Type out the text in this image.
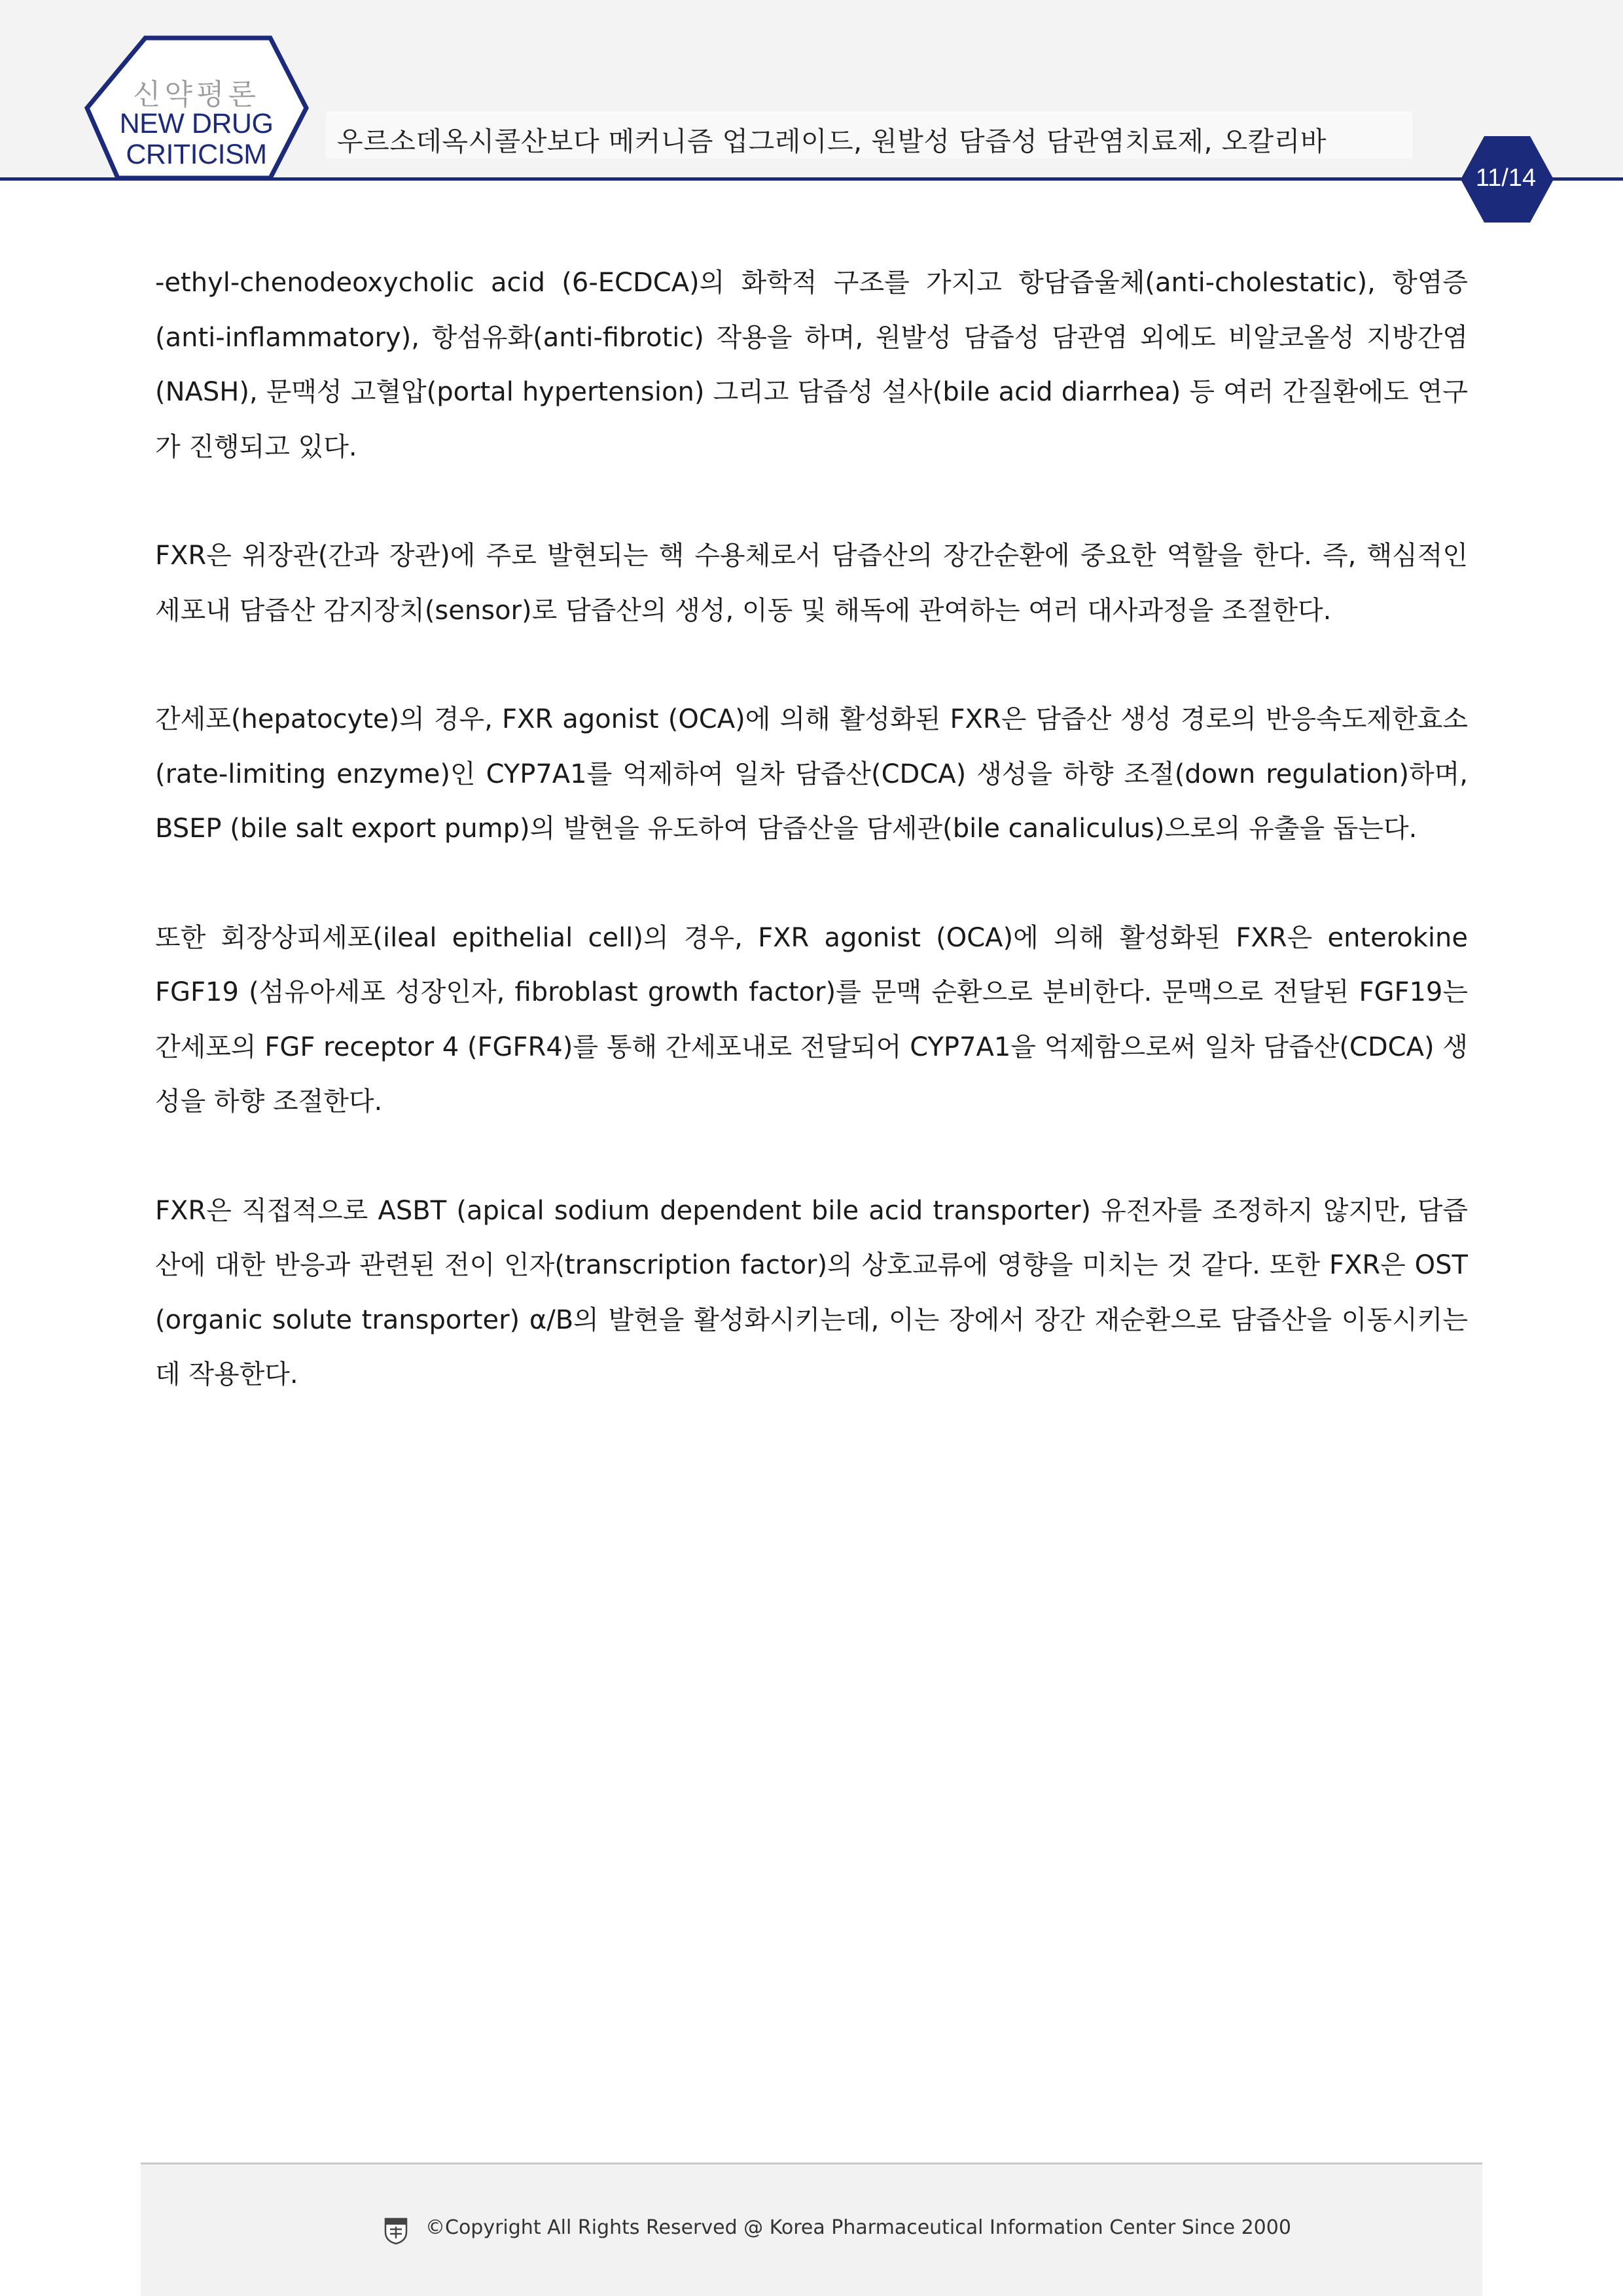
신약평론
NEW DRUG
CRITICISM	우르소데옥시콜산보다 메커니즘 업그레이드, 원발성 담즙성 담관염치료제, 오칼리바
11/14

-ethyl-chenodeoxycholic acid (6-ECDCA)의 화학적 구조를 가지고 항담즙울체(anti-cholestatic), 항염증(anti-inflammatory), 항섬유화(anti-fibrotic) 작용을 하며, 원발성 담즙성 담관염 외에도 비알코올성 지방간염(NASH), 문맥성 고혈압(portal hypertension) 그리고 담즙성 설사(bile acid diarrhea) 등 여러 간질환에도 연구가 진행되고 있다.

FXR은 위장관(간과 장관)에 주로 발현되는 핵 수용체로서 담즙산의 장간순환에 중요한 역할을 한다. 즉, 핵심적인 세포내 담즙산 감지장치(sensor)로 담즙산의 생성, 이동 및 해독에 관여하는 여러 대사과정을 조절한다.

간세포(hepatocyte)의 경우, FXR agonist (OCA)에 의해 활성화된 FXR은 담즙산 생성 경로의 반응속도제한효소(rate-limiting enzyme)인 CYP7A1를 억제하여 일차 담즙산(CDCA) 생성을 하향 조절(down regulation)하며, BSEP (bile salt export pump)의 발현을 유도하여 담즙산을 담세관(bile canaliculus)으로의 유출을 돕는다.

또한 회장상피세포(ileal epithelial cell)의 경우, FXR agonist (OCA)에 의해 활성화된 FXR은 enterokine FGF19 (섬유아세포 성장인자, fibroblast growth factor)를 문맥 순환으로 분비한다. 문맥으로 전달된 FGF19는 간세포의 FGF receptor 4 (FGFR4)를 통해 간세포내로 전달되어 CYP7A1을 억제함으로써 일차 담즙산(CDCA) 생성을 하향 조절한다.

FXR은 직접적으로 ASBT (apical sodium dependent bile acid transporter) 유전자를 조정하지 않지만, 담즙산에 대한 반응과 관련된 전이 인자(transcription factor)의 상호교류에 영향을 미치는 것 같다. 또한 FXR은 OST (organic solute transporter) α/Β의 발현을 활성화시키는데, 이는 장에서 장간 재순환으로 담즙산을 이동시키는 데 작용한다.

©Copyright All Rights Reserved @ Korea Pharmaceutical Information Center Since 2000
